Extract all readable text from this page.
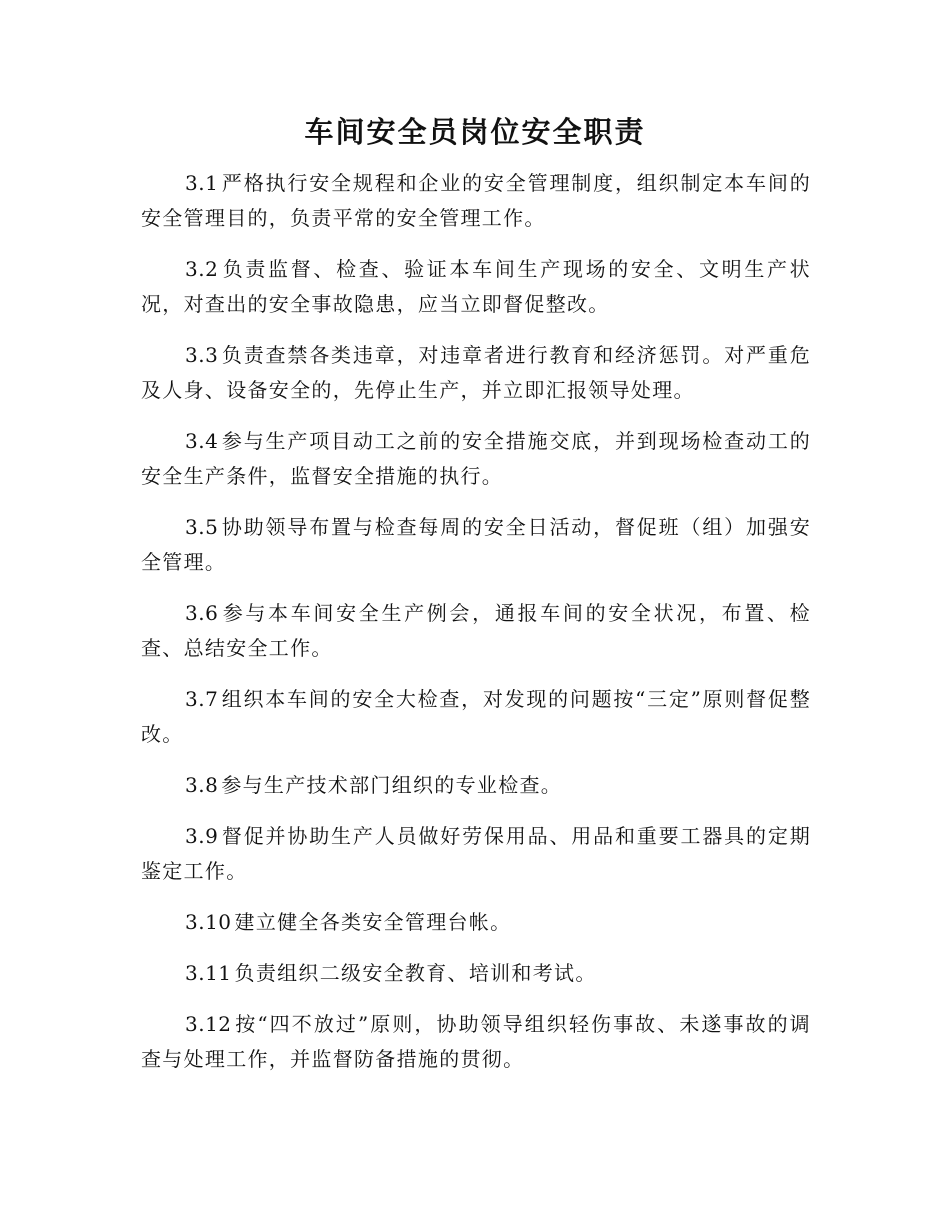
车间安全员岗位安全职责

3.1 严格执行安全规程和企业的安全管理制度，组织制定本车间的安全管理目的，负责平常的安全管理工作。

3.2 负责监督、检查、验证本车间生产现场的安全、文明生产状况，对查出的安全事故隐患，应当立即督促整改。

3.3 负责查禁各类违章，对违章者进行教育和经济惩罚。对严重危及人身、设备安全的，先停止生产，并立即汇报领导处理。

3.4 参与生产项目动工之前的安全措施交底，并到现场检查动工的安全生产条件，监督安全措施的执行。

3.5 协助领导布置与检查每周的安全日活动，督促班（组）加强安全管理。

3.6 参与本车间安全生产例会，通报车间的安全状况，布置、检查、总结安全工作。

3.7 组织本车间的安全大检查，对发现的问题按“三定”原则督促整改。

3.8 参与生产技术部门组织的专业检查。

3.9 督促并协助生产人员做好劳保用品、用品和重要工器具的定期鉴定工作。

3.10 建立健全各类安全管理台帐。

3.11 负责组织二级安全教育、培训和考试。

3.12 按“四不放过”原则，协助领导组织轻伤事故、未遂事故的调查与处理工作，并监督防备措施的贯彻。
